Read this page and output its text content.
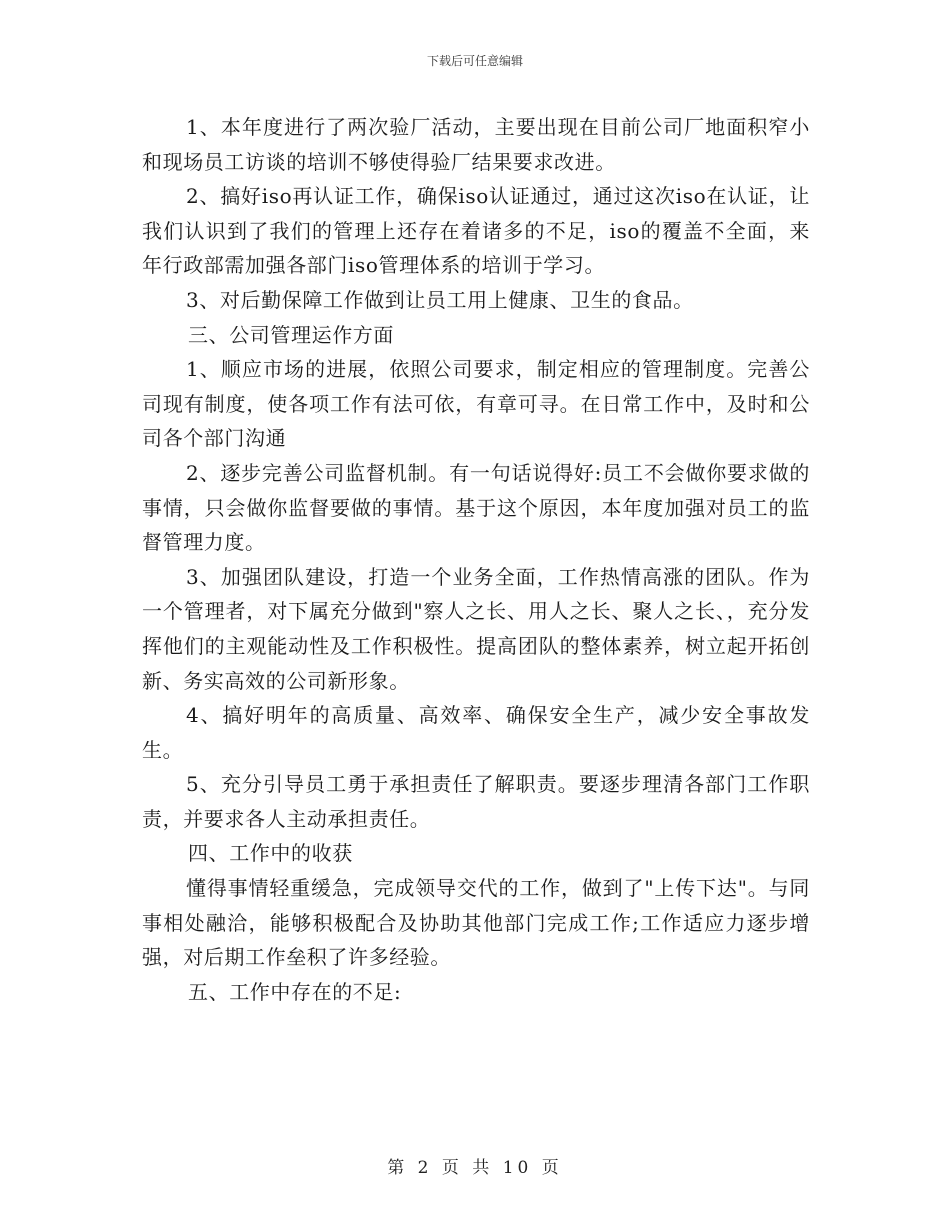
下载后可任意编辑

1、本年度进行了两次验厂活动，主要出现在目前公司厂地面积窄小和现场员工访谈的培训不够使得验厂结果要求改进。

2、搞好iso再认证工作，确保iso认证通过，通过这次iso在认证，让我们认识到了我们的管理上还存在着诸多的不足，iso的覆盖不全面，来年行政部需加强各部门iso管理体系的培训于学习。

3、对后勤保障工作做到让员工用上健康、卫生的食品。

三、公司管理运作方面

1、顺应市场的进展，依照公司要求，制定相应的管理制度。完善公司现有制度，使各项工作有法可依，有章可寻。在日常工作中，及时和公司各个部门沟通

2、逐步完善公司监督机制。有一句话说得好:员工不会做你要求做的事情，只会做你监督要做的事情。基于这个原因，本年度加强对员工的监督管理力度。

3、加强团队建设，打造一个业务全面，工作热情高涨的团队。作为一个管理者，对下属充分做到"察人之长、用人之长、聚人之长、，充分发挥他们的主观能动性及工作积极性。提高团队的整体素养，树立起开拓创新、务实高效的公司新形象。

4、搞好明年的高质量、高效率、确保安全生产，减少安全事故发生。

5、充分引导员工勇于承担责任了解职责。要逐步理清各部门工作职责，并要求各人主动承担责任。

四、工作中的收获

懂得事情轻重缓急，完成领导交代的工作，做到了"上传下达"。与同事相处融洽，能够积极配合及协助其他部门完成工作;工作适应力逐步增强，对后期工作垒积了许多经验。

五、工作中存在的不足:

第 2 页 共 10 页
